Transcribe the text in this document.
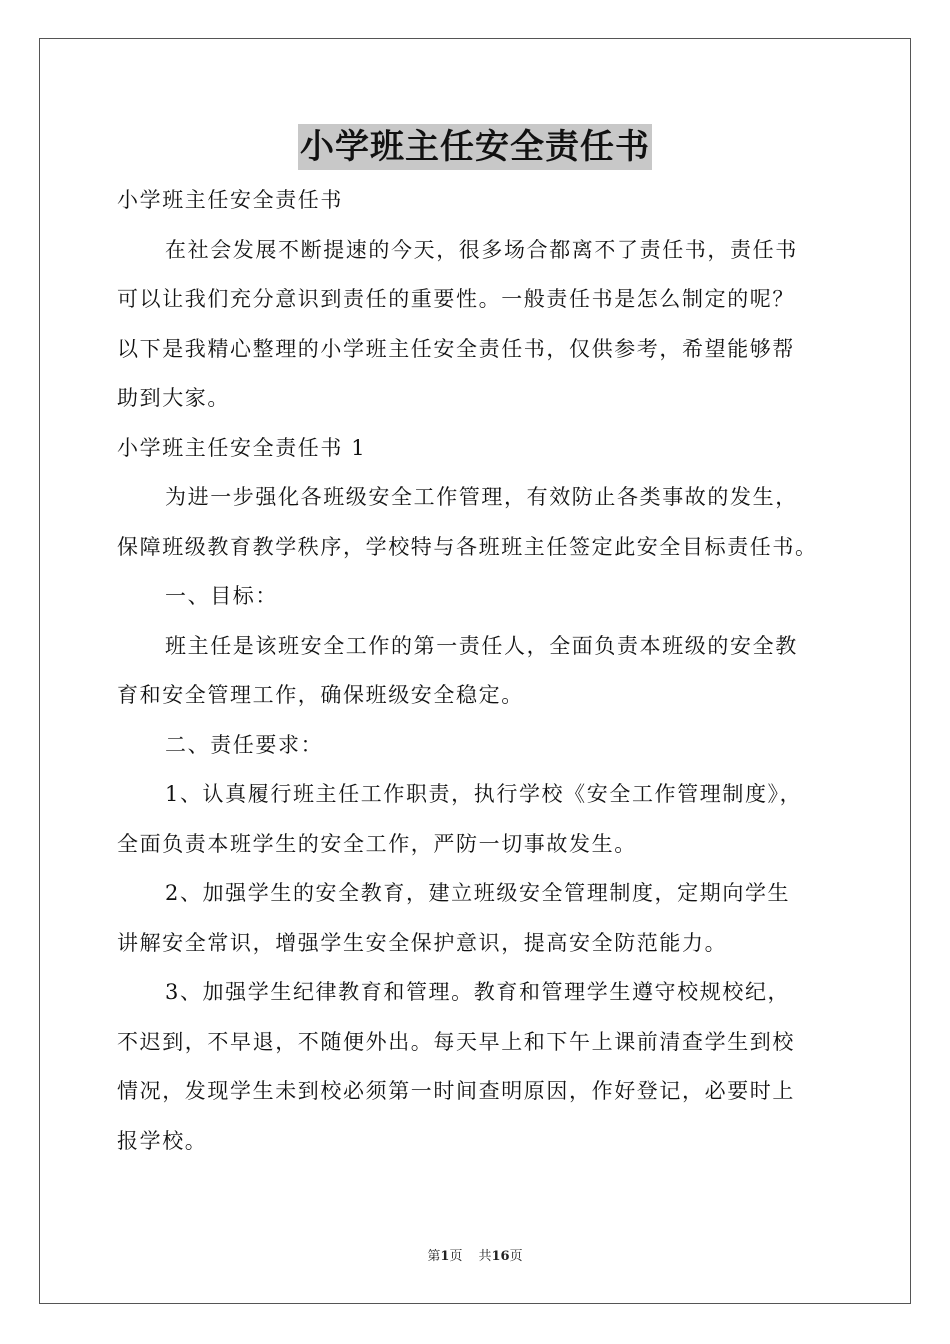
小学班主任安全责任书
小学班主任安全责任书
在社会发展不断提速的今天，很多场合都离不了责任书，责任书
可以让我们充分意识到责任的重要性。一般责任书是怎么制定的呢？
以下是我精心整理的小学班主任安全责任书，仅供参考，希望能够帮
助到大家。
小学班主任安全责任书 1
为进一步强化各班级安全工作管理，有效防止各类事故的发生，
保障班级教育教学秩序，学校特与各班班主任签定此安全目标责任书。
一、目标：
班主任是该班安全工作的第一责任人，全面负责本班级的安全教
育和安全管理工作，确保班级安全稳定。
二、责任要求：
1、认真履行班主任工作职责，执行学校《安全工作管理制度》，
全面负责本班学生的安全工作，严防一切事故发生。
2、加强学生的安全教育，建立班级安全管理制度，定期向学生
讲解安全常识，增强学生安全保护意识，提高安全防范能力。
3、加强学生纪律教育和管理。教育和管理学生遵守校规校纪，
不迟到，不早退，不随便外出。每天早上和下午上课前清查学生到校
情况，发现学生未到校必须第一时间查明原因，作好登记，必要时上
报学校。
第1页 共16页
